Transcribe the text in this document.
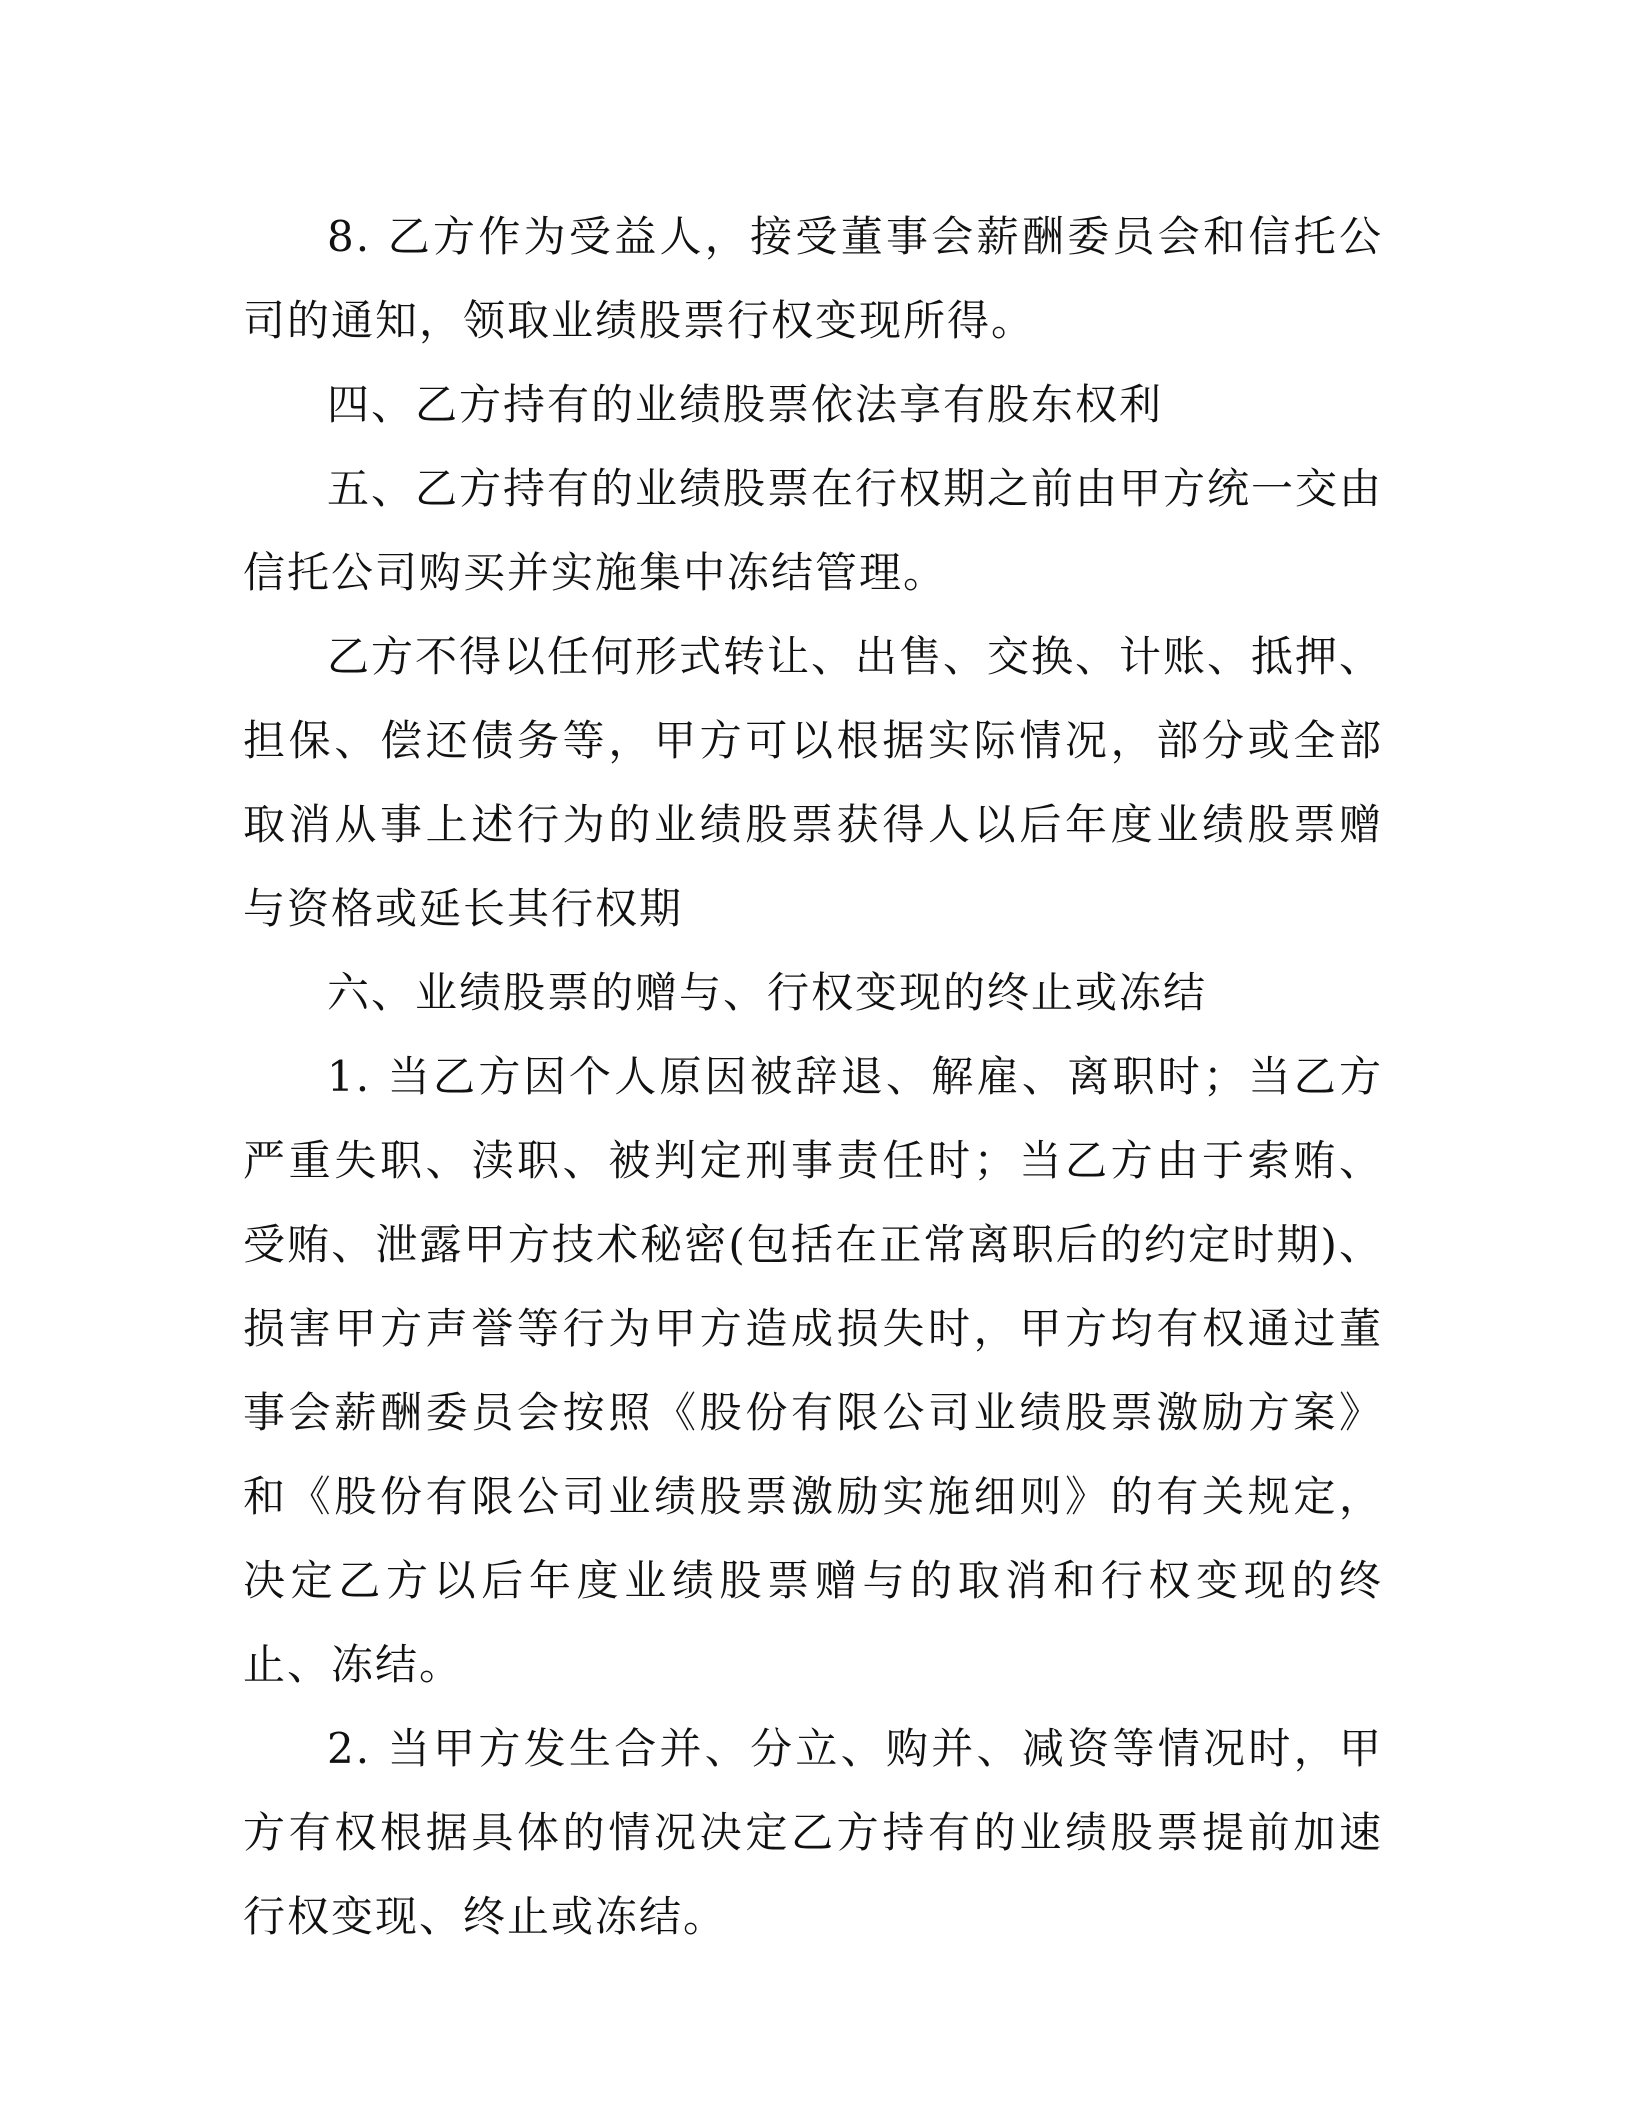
8. 乙方作为受益人，接受董事会薪酬委员会和信托公司的通知，领取业绩股票行权变现所得。

四、乙方持有的业绩股票依法享有股东权利

五、乙方持有的业绩股票在行权期之前由甲方统一交由信托公司购买并实施集中冻结管理。

乙方不得以任何形式转让、出售、交换、计账、抵押、担保、偿还债务等，甲方可以根据实际情况，部分或全部取消从事上述行为的业绩股票获得人以后年度业绩股票赠与资格或延长其行权期

六、业绩股票的赠与、行权变现的终止或冻结

1. 当乙方因个人原因被辞退、解雇、离职时；当乙方严重失职、渎职、被判定刑事责任时；当乙方由于索贿、受贿、泄露甲方技术秘密(包括在正常离职后的约定时期)、损害甲方声誉等行为甲方造成损失时，甲方均有权通过董事会薪酬委员会按照《股份有限公司业绩股票激励方案》和《股份有限公司业绩股票激励实施细则》的有关规定，决定乙方以后年度业绩股票赠与的取消和行权变现的终止、冻结。

2. 当甲方发生合并、分立、购并、减资等情况时，甲方有权根据具体的情况决定乙方持有的业绩股票提前加速行权变现、终止或冻结。
